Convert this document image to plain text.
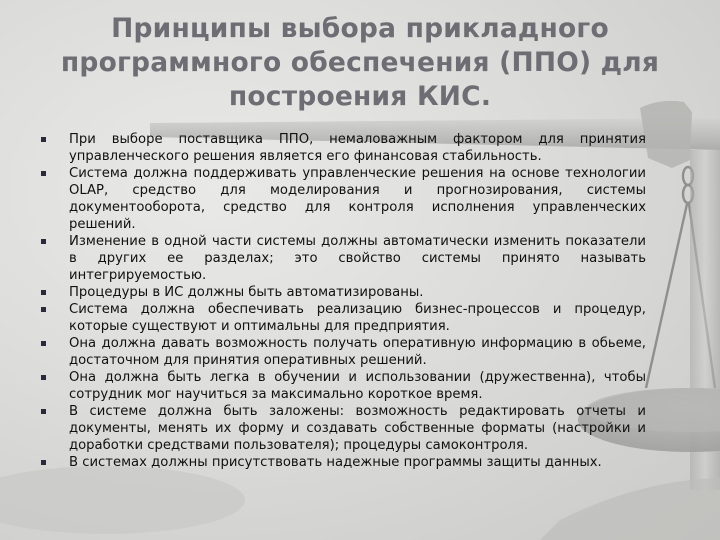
Принципы выбора прикладного
программного обеспечения (ППО) для
построения КИС.
При выборе поставщика ППО, немаловажным фактором для принятия управленческого решения является его финансовая стабильность.
Система должна поддерживать управленческие решения на основе технологии OLAP, средство для моделирования и прогнозирования, системы документооборота, средство для контроля исполнения управленческих решений.
Изменение в одной части системы должны автоматически изменить показатели в других ее разделах; это свойство системы принято называть интегрируемостью.
Процедуры в ИС должны быть автоматизированы.
Система должна обеспечивать реализацию бизнес-процессов и процедур, которые существуют и оптимальны для предприятия.
Она должна давать возможность получать оперативную информацию в обьеме, достаточном для принятия оперативных решений.
Она должна быть легка в обучении и использовании (дружественна), чтобы сотрудник мог научиться за максимально короткое время.
В системе должна быть заложены: возможность редактировать отчеты и документы, менять их форму и создавать собственные форматы (настройки и доработки средствами пользователя); процедуры самоконтроля.
В системах должны присутствовать надежные программы защиты данных.
